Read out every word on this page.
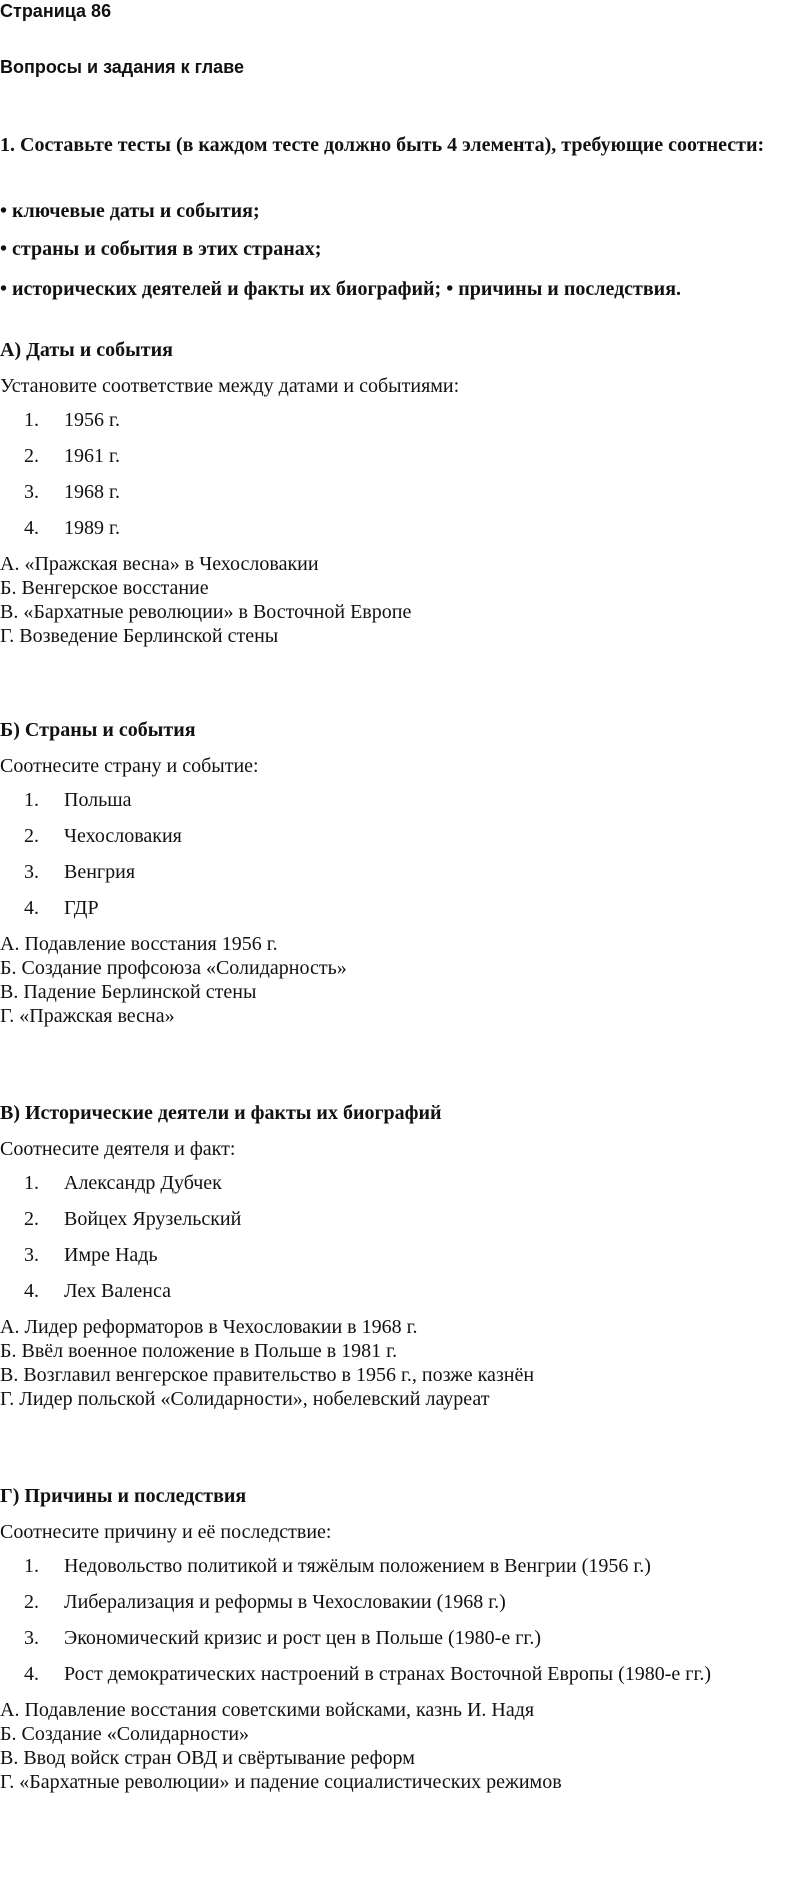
Страница 86

Вопросы и задания к главе

1. Составьте тесты (в каждом тесте должно быть 4 элемента), требующие соотнести:

• ключевые даты и события;

• страны и события в этих странах;

• исторических деятелей и факты их биографий; • причины и последствия.

А) Даты и события

Установите соответствие между датами и событиями:

1. 1956 г.
2. 1961 г.
3. 1968 г.
4. 1989 г.

А. «Пражская весна» в Чехословакии

Б. Венгерское восстание

В. «Бархатные революции» в Восточной Европе

Г. Возведение Берлинской стены

Б) Страны и события

Соотнесите страну и событие:

1. Польша
2. Чехословакия
3. Венгрия
4. ГДР

А. Подавление восстания 1956 г.

Б. Создание профсоюза «Солидарность»

В. Падение Берлинской стены

Г. «Пражская весна»

В) Исторические деятели и факты их биографий

Соотнесите деятеля и факт:

1. Александр Дубчек
2. Войцех Ярузельский
3. Имре Надь
4. Лех Валенса

А. Лидер реформаторов в Чехословакии в 1968 г.

Б. Ввёл военное положение в Польше в 1981 г.

В. Возглавил венгерское правительство в 1956 г., позже казнён

Г. Лидер польской «Солидарности», нобелевский лауреат

Г) Причины и последствия

Соотнесите причину и её последствие:

1. Недовольство политикой и тяжёлым положением в Венгрии (1956 г.)
2. Либерализация и реформы в Чехословакии (1968 г.)
3. Экономический кризис и рост цен в Польше (1980-е гг.)
4. Рост демократических настроений в странах Восточной Европы (1980-е гг.)

А. Подавление восстания советскими войсками, казнь И. Надя

Б. Создание «Солидарности»

В. Ввод войск стран ОВД и свёртывание реформ

Г. «Бархатные революции» и падение социалистических режимов
